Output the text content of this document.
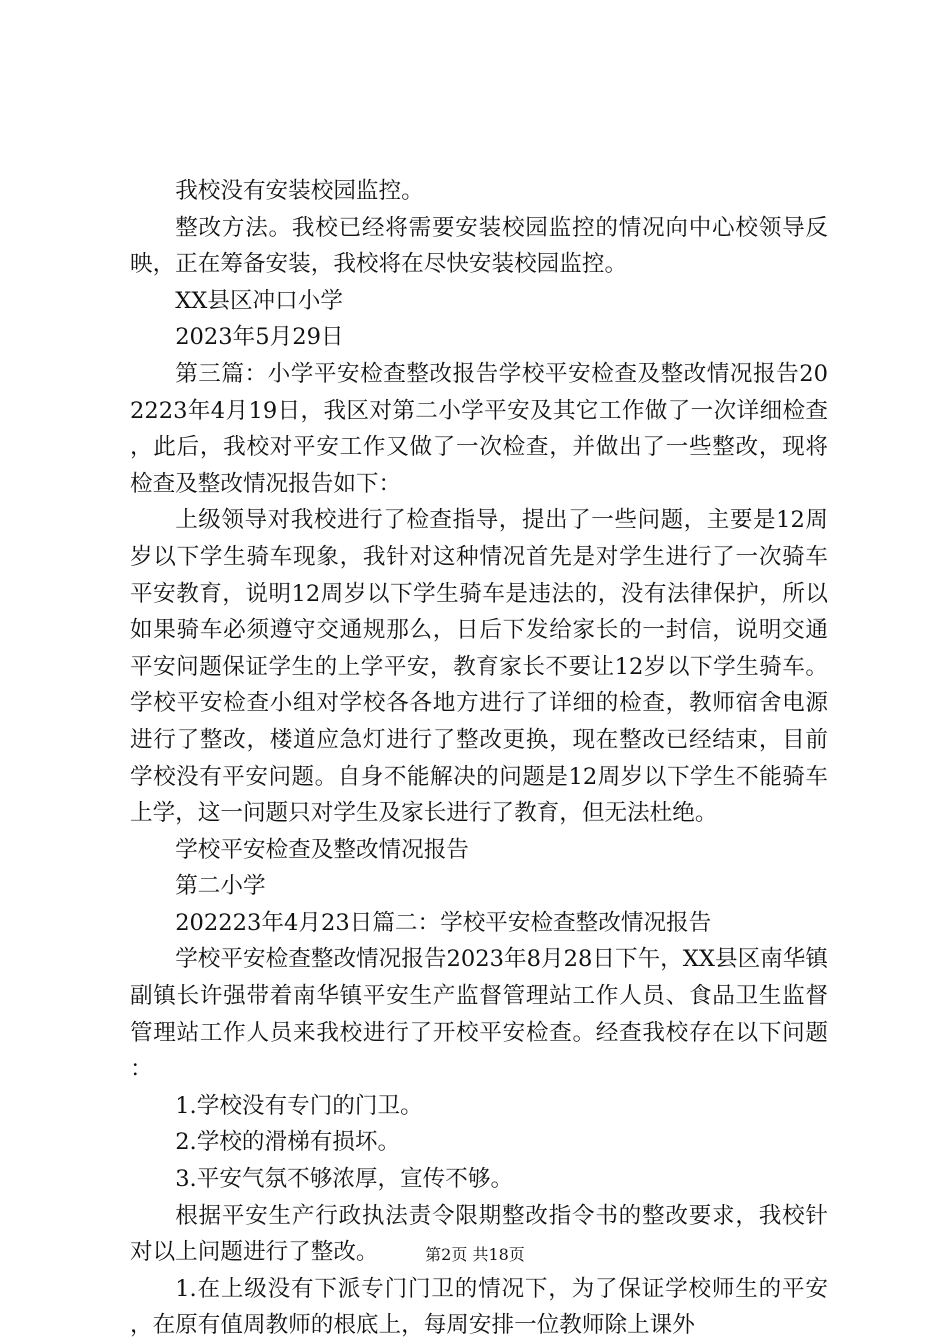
我校没有安装校园监控。

整改方法。我校已经将需要安装校园监控的情况向中心校领导反映，正在筹备安装，我校将在尽快安装校园监控。

XX县区冲口小学

2023年5月29日

第三篇：小学平安检查整改报告学校平安检查及整改情况报告202223年4月19日，我区对第二小学平安及其它工作做了一次详细检查，此后，我校对平安工作又做了一次检查，并做出了一些整改，现将检查及整改情况报告如下：

上级领导对我校进行了检查指导，提出了一些问题，主要是12周岁以下学生骑车现象，我针对这种情况首先是对学生进行了一次骑车平安教育，说明12周岁以下学生骑车是违法的，没有法律保护，所以如果骑车必须遵守交通规那么，日后下发给家长的一封信，说明交通平安问题保证学生的上学平安，教育家长不要让12岁以下学生骑车。学校平安检查小组对学校各各地方进行了详细的检查，教师宿舍电源进行了整改，楼道应急灯进行了整改更换，现在整改已经结束，目前学校没有平安问题。自身不能解决的问题是12周岁以下学生不能骑车上学，这一问题只对学生及家长进行了教育，但无法杜绝。

学校平安检查及整改情况报告

第二小学

202223年4月23日篇二：学校平安检查整改情况报告

学校平安检查整改情况报告2023年8月28日下午，XX县区南华镇副镇长许强带着南华镇平安生产监督管理站工作人员、食品卫生监督管理站工作人员来我校进行了开校平安检查。经查我校存在以下问题：

1.学校没有专门的门卫。

2.学校的滑梯有损坏。

3.平安气氛不够浓厚，宣传不够。

根据平安生产行政执法责令限期整改指令书的整改要求，我校针对以上问题进行了整改。

1.在上级没有下派专门门卫的情况下，为了保证学校师生的平安，在原有值周教师的根底上，每周安排一位教师除上课外

第2页 共18页
